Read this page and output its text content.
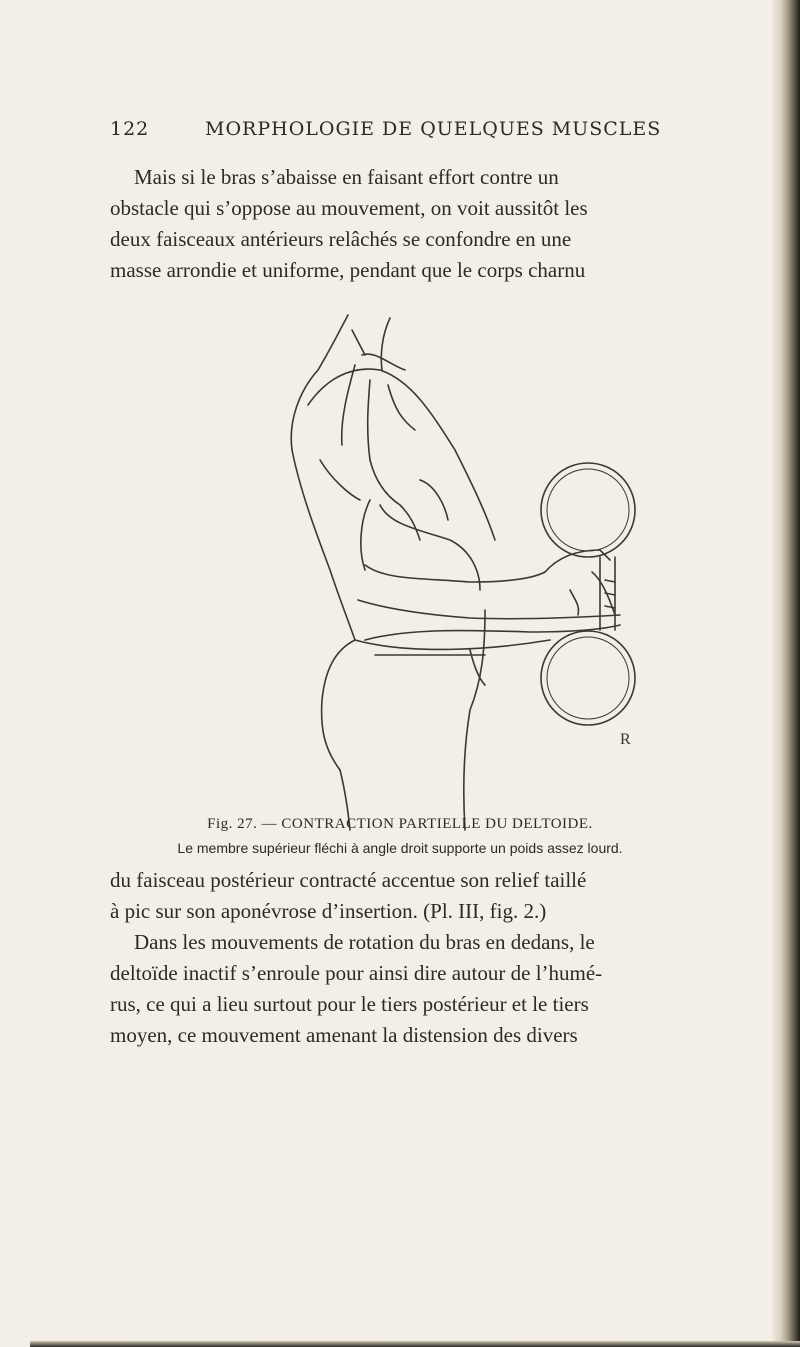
122	MORPHOLOGIE DE QUELQUES MUSCLES
Mais si le bras s’abaisse en faisant effort contre un
obstacle qui s’oppose au mouvement, on voit aussitôt les
deux faisceaux antérieurs relâchés se confondre en une
masse arrondie et uniforme, pendant que le corps charnu
R
Fig. 27. — CONTRACTION PARTIELLE DU DELTOIDE.
Le membre supérieur fléchi à angle droit supporte un poids assez lourd.
du faisceau postérieur contracté accentue son relief taillé
à pic sur son aponévrose d’insertion. (Pl. III, fig. 2.)
Dans les mouvements de rotation du bras en dedans, le
deltoïde inactif s’enroule pour ainsi dire autour de l’humé-
rus, ce qui a lieu surtout pour le tiers postérieur et le tiers
moyen, ce mouvement amenant la distension des divers
